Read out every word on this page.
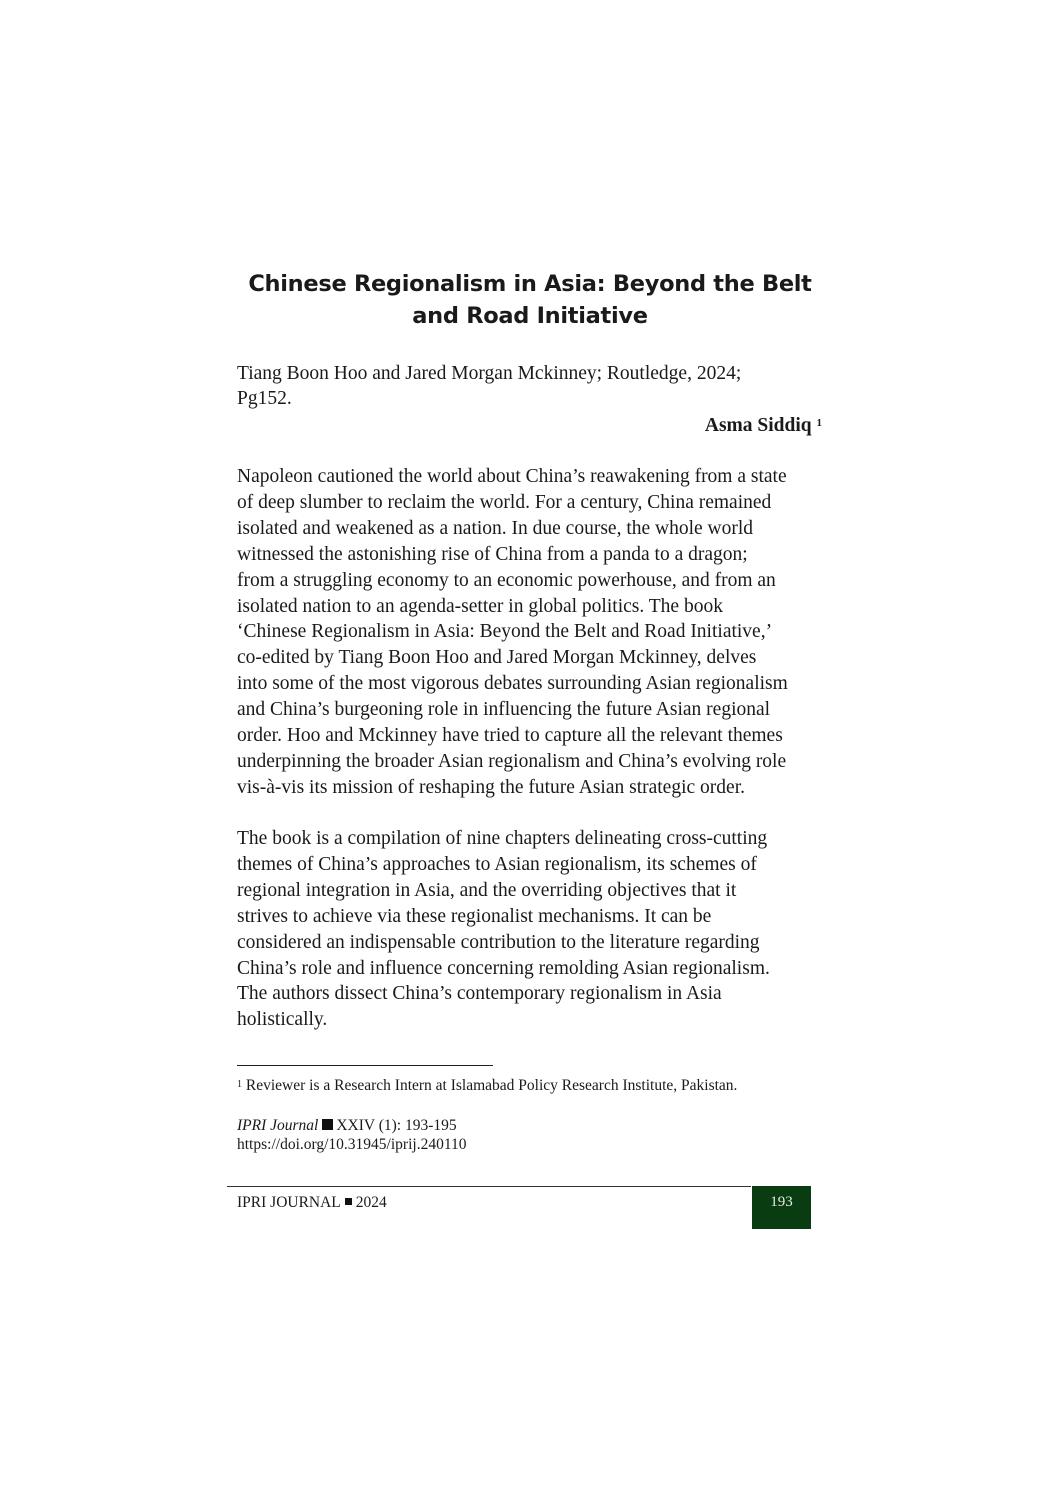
Chinese Regionalism in Asia: Beyond the Belt
and Road Initiative

Tiang Boon Hoo and Jared Morgan Mckinney; Routledge, 2024;
Pg152.

Asma Siddiq $^1$

Napoleon cautioned the world about China’s reawakening from a state
of deep slumber to reclaim the world. For a century, China remained
isolated and weakened as a nation. In due course, the whole world
witnessed the astonishing rise of China from a panda to a dragon;
from a struggling economy to an economic powerhouse, and from an
isolated nation to an agenda-setter in global politics. The book
‘Chinese Regionalism in Asia: Beyond the Belt and Road Initiative,’
co-edited by Tiang Boon Hoo and Jared Morgan Mckinney, delves
into some of the most vigorous debates surrounding Asian regionalism
and China’s burgeoning role in influencing the future Asian regional
order. Hoo and Mckinney have tried to capture all the relevant themes
underpinning the broader Asian regionalism and China’s evolving role
vis-à-vis its mission of reshaping the future Asian strategic order.

The book is a compilation of nine chapters delineating cross-cutting
themes of China’s approaches to Asian regionalism, its schemes of
regional integration in Asia, and the overriding objectives that it
strives to achieve via these regionalist mechanisms. It can be
considered an indispensable contribution to the literature regarding
China’s role and influence concerning remolding Asian regionalism.
The authors dissect China’s contemporary regionalism in Asia
holistically.

$^1$ Reviewer is a Research Intern at Islamabad Policy Research Institute, Pakistan.
IPRI Journal XXIV (1): 193-195
https://doi.org/10.31945/iprij.240110
IPRI JOURNAL 2024	193
